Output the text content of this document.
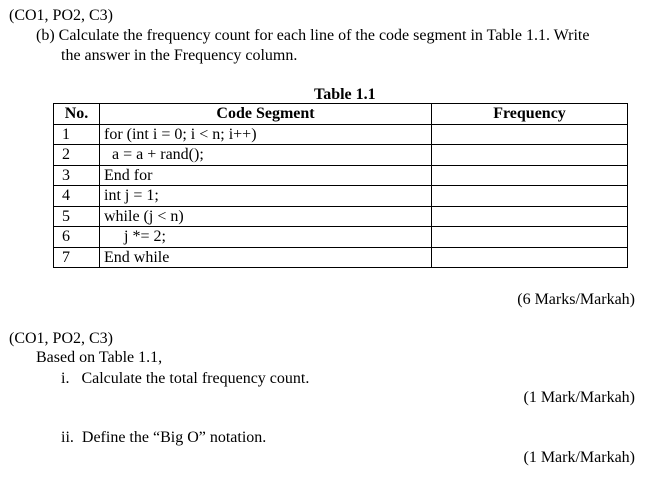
(CO1, PO2, C3)
(b) Calculate the frequency count for each line of the code segment in Table 1.1. Write
the answer in the Frequency column.
Table 1.1
No.	Code Segment	Frequency
1	for (int i = 0; i < n; i++)	
2	a = a + rand();	
3	End for	
4	int j = 1;	
5	while (j < n)	
6	j *= 2;	
7	End while	
(6 Marks/Markah)
(CO1, PO2, C3)
Based on Table 1.1,
i.   Calculate the total frequency count.
(1 Mark/Markah)
ii.  Define the “Big O” notation.
(1 Mark/Markah)
